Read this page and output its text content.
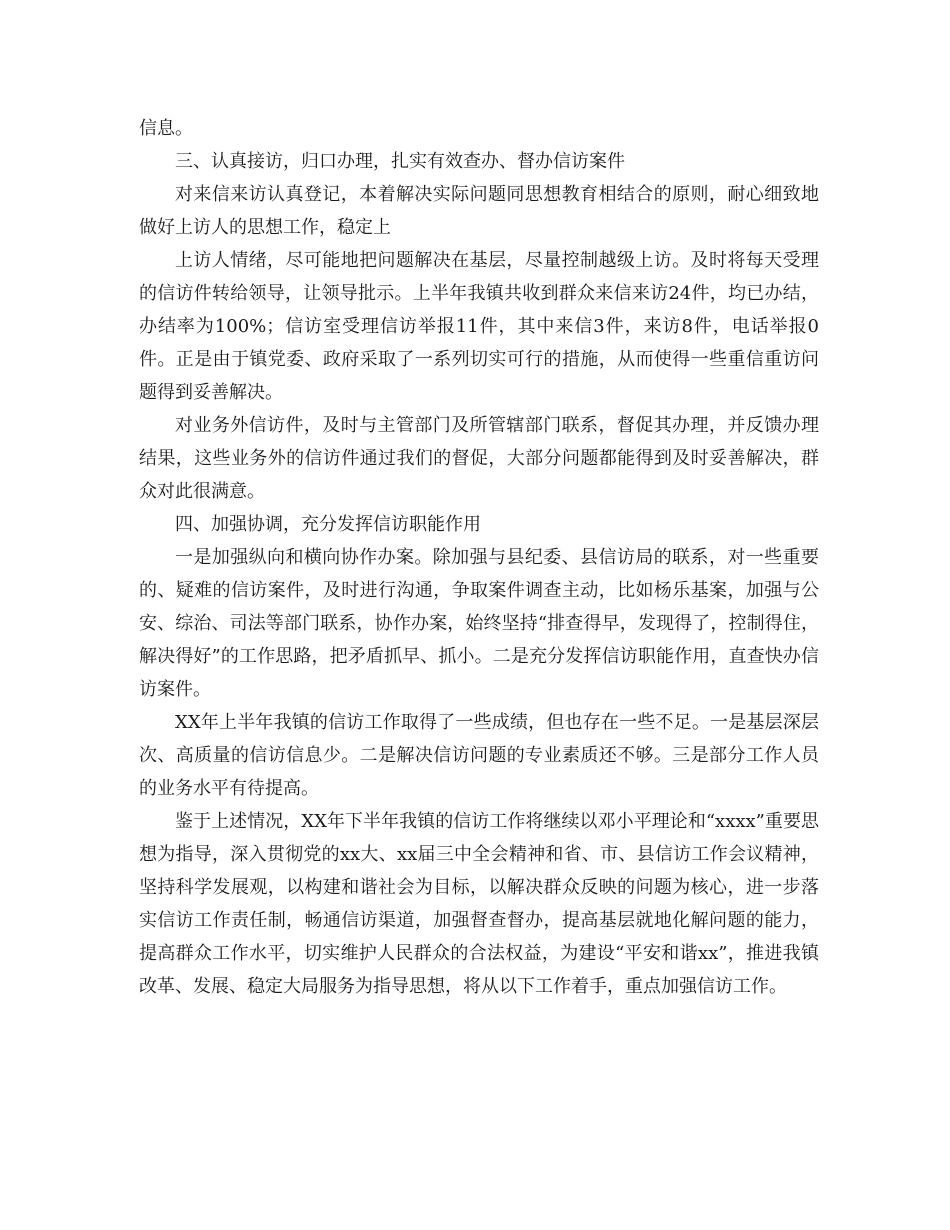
信息。

三、认真接访，归口办理，扎实有效查办、督办信访案件

对来信来访认真登记，本着解决实际问题同思想教育相结合的原则，耐心细致地做好上访人的思想工作，稳定上

上访人情绪，尽可能地把问题解决在基层，尽量控制越级上访。及时将每天受理的信访件转给领导，让领导批示。上半年我镇共收到群众来信来访24件，均已办结，办结率为100%；信访室受理信访举报11件，其中来信3件，来访8件，电话举报0件。正是由于镇党委、政府采取了一系列切实可行的措施，从而使得一些重信重访问题得到妥善解决。

对业务外信访件，及时与主管部门及所管辖部门联系，督促其办理，并反馈办理结果，这些业务外的信访件通过我们的督促，大部分问题都能得到及时妥善解决，群众对此很满意。

四、加强协调，充分发挥信访职能作用

一是加强纵向和横向协作办案。除加强与县纪委、县信访局的联系，对一些重要的、疑难的信访案件，及时进行沟通，争取案件调查主动，比如杨乐基案，加强与公安、综治、司法等部门联系，协作办案，始终坚持“排查得早，发现得了，控制得住，解决得好”的工作思路，把矛盾抓早、抓小。二是充分发挥信访职能作用，直查快办信访案件。

XX年上半年我镇的信访工作取得了一些成绩，但也存在一些不足。一是基层深层次、高质量的信访信息少。二是解决信访问题的专业素质还不够。三是部分工作人员的业务水平有待提高。

鉴于上述情况，XX年下半年我镇的信访工作将继续以邓小平理论和“xxxx”重要思想为指导，深入贯彻党的xx大、xx届三中全会精神和省、市、县信访工作会议精神，坚持科学发展观，以构建和谐社会为目标，以解决群众反映的问题为核心，进一步落实信访工作责任制，畅通信访渠道，加强督查督办，提高基层就地化解问题的能力，提高群众工作水平，切实维护人民群众的合法权益，为建设“平安和谐xx”，推进我镇改革、发展、稳定大局服务为指导思想，将从以下工作着手，重点加强信访工作。
